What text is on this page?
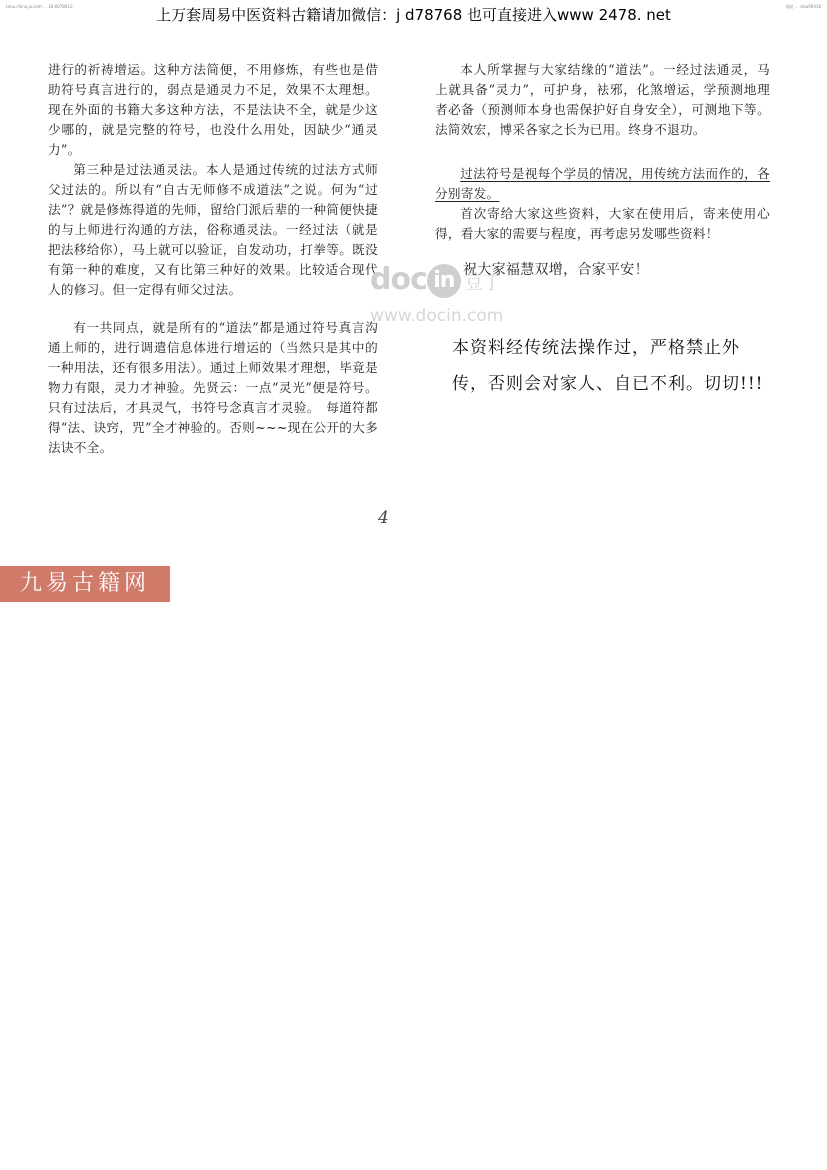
上万套周易中医资料古籍请加微信：j d78768 也可直接进入www 2478. net
tenu.china.jo.com ... 16-0078010	地址 ... disa99416

进行的祈祷增运。这种方法简便，不用修炼，有些也是借助符号真言进行的，弱点是通灵力不足，效果不太理想。现在外面的书籍大多这种方法，不是法诀不全，就是少这少哪的，就是完整的符号，也没什么用处，因缺少“通灵力”。

第三种是过法通灵法。本人是通过传统的过法方式师父过法的。所以有“自古无师修不成道法”之说。何为“过法”？就是修炼得道的先师，留给门派后辈的一种简便快捷的与上师进行沟通的方法，俗称通灵法。一经过法（就是把法移给你），马上就可以验证，自发动功，打拳等。既没有第一种的难度，又有比第三种好的效果。比较适合现代人的修习。但一定得有师父过法。

有一共同点，就是所有的“道法”都是通过符号真言沟通上师的，进行调遣信息体进行增运的（当然只是其中的一种用法，还有很多用法）。通过上师效果才理想，毕竟是物力有限，灵力才神验。先贤云：一点“灵光”便是符号。只有过法后，才具灵气，书符号念真言才灵验。　每道符都得“法、诀窍，咒”全才神验的。否则~~~现在公开的大多法诀不全。

本人所掌握与大家结缘的“道法”。一经过法通灵，马上就具备“灵力”，可护身，袪邪，化煞增运，学预测地理者必备（预测师本身也需保护好自身安全），可测地下等。法简效宏，博采各家之长为已用。终身不退功。

过法符号是视每个学员的情况，用传统方法而作的，各分别寄发。

首次寄给大家这些资料，大家在使用后，寄来使用心得，看大家的需要与程度，再考虑另发哪些资料！

祝大家福慧双增，合家平安！

本资料经传统法操作过，严格禁止外

传，否则会对家人、自已不利。切切!!!

doc in 豆丁
www.docin.com
4
九易古籍网
